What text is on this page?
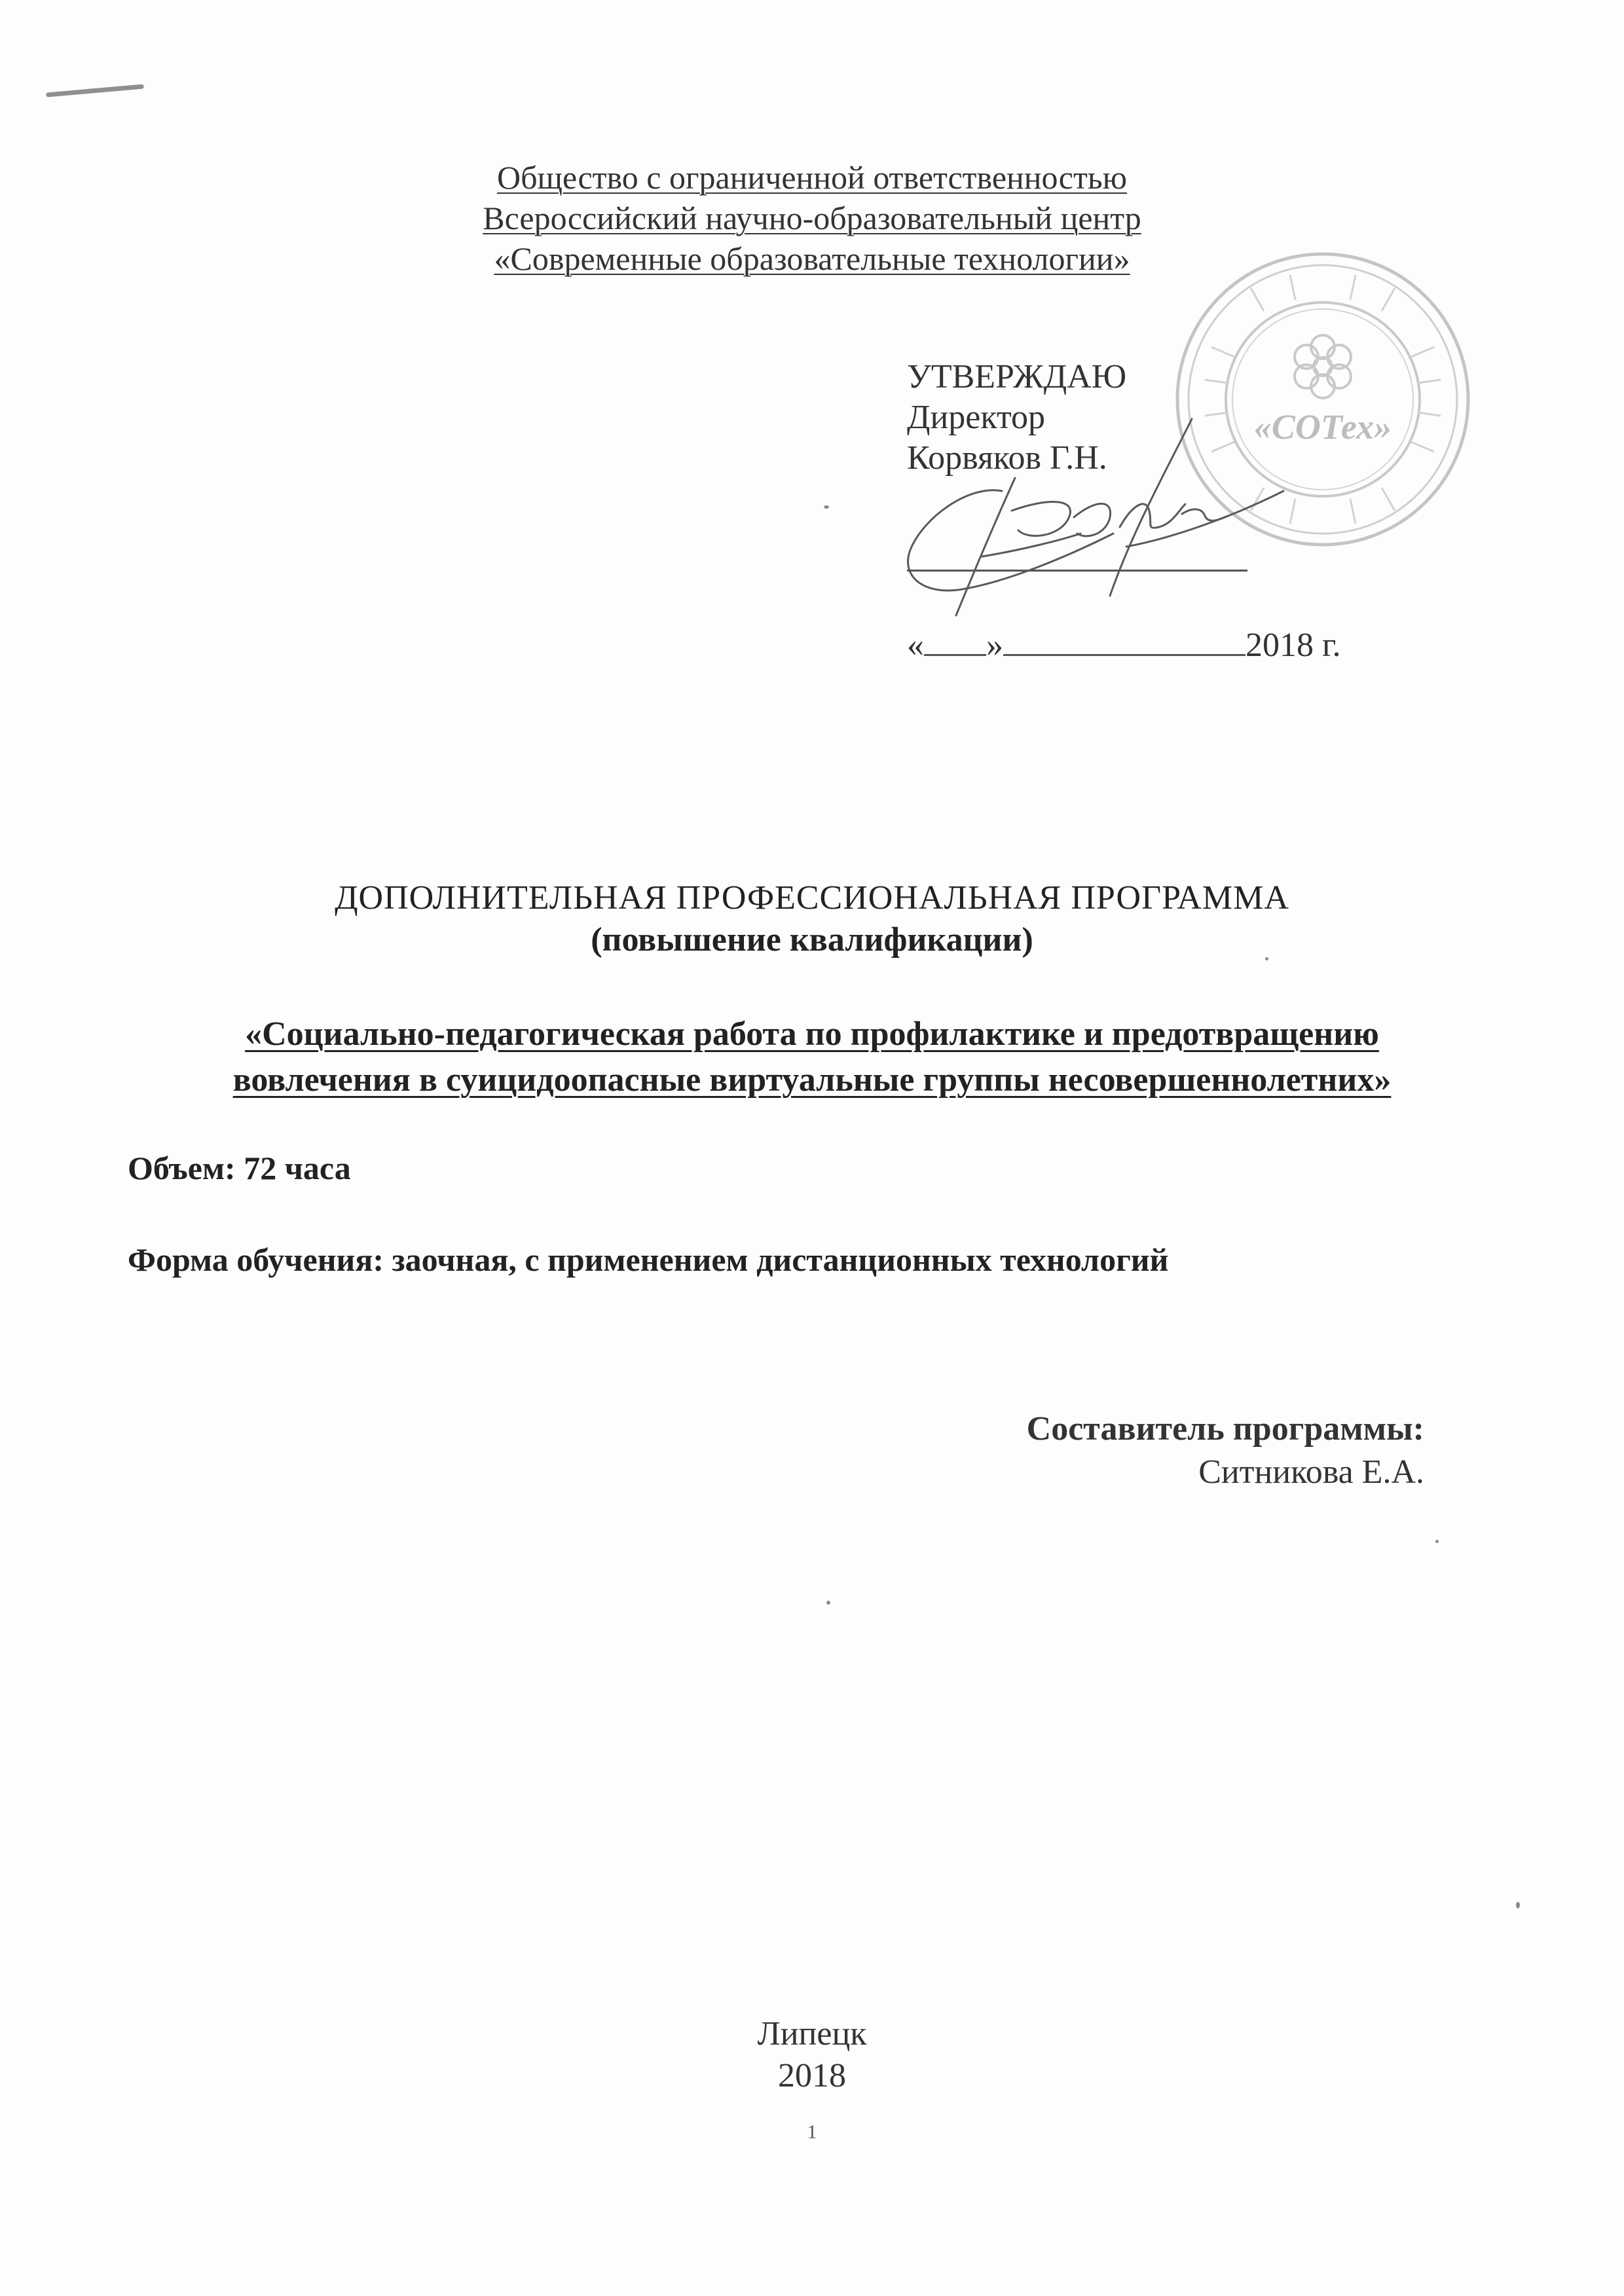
Общество с ограниченной ответственностью
Всероссийский научно-образовательный центр
«Современные образовательные технологии»
«СОТех»
УТВЕРЖДАЮ
Директор
Корвяков Г.Н.
« »	2018 г.
ДОПОЛНИТЕЛЬНАЯ ПРОФЕССИОНАЛЬНАЯ ПРОГРАММА
(повышение квалификации)
«Социально-педагогическая работа по профилактике и предотвращению
вовлечения в суицидоопасные виртуальные группы несовершеннолетних»
Объем: 72 часа
Форма обучения: заочная, с применением дистанционных технологий
Составитель программы:
Ситникова Е.А.
Липецк
2018
1
